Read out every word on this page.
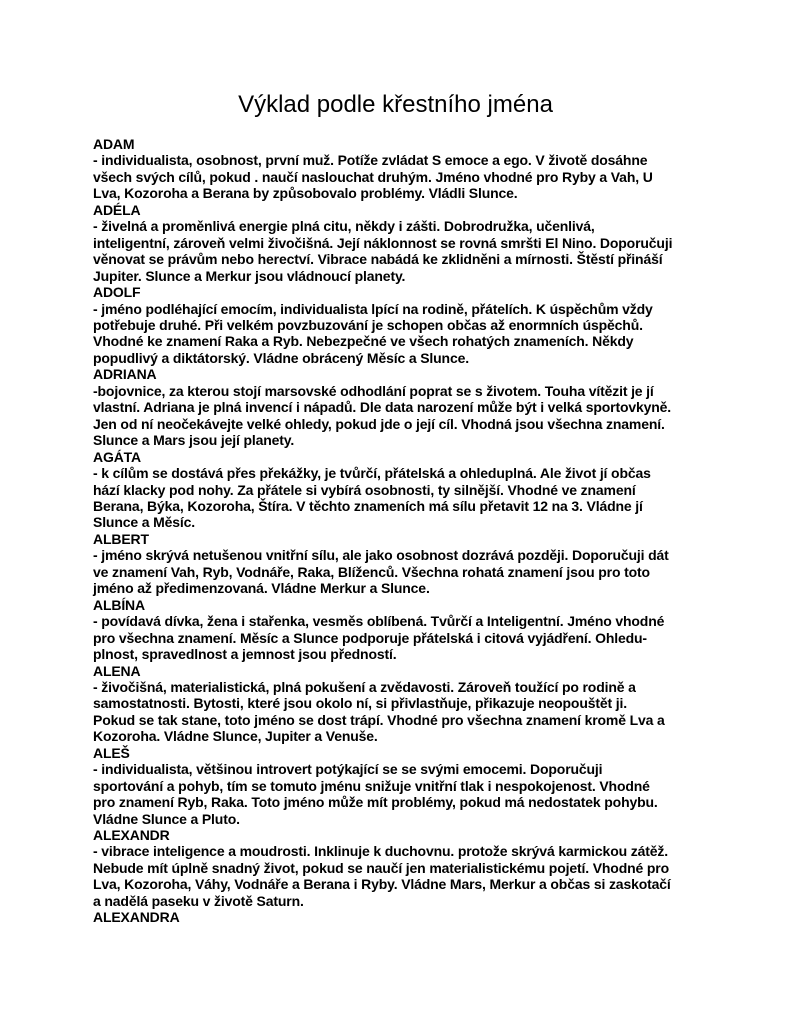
Výklad podle křestního jména
ADAM
- individualista, osobnost, první muž. Potíže zvládat S emoce a ego. V životě dosáhne
všech svých cílů, pokud . naučí naslouchat druhým. Jméno vhodné pro Ryby a Vah, U
Lva, Kozoroha a Berana by způsobovalo problémy. Vládli Slunce.
ADÉLA
- živelná a proměnlivá energie plná citu, někdy i zášti. Dobrodružka, učenlivá,
inteligentní, zároveň velmi živočišná. Její náklonnost se rovná smršti El Nino. Doporučuji
věnovat se právům nebo herectví. Vibrace nabádá ke zklidněni a mírnosti. Štěstí přináší
Jupiter. Slunce a Merkur jsou vládnoucí planety.
ADOLF
- jméno podléhající emocím, individualista lpící na rodině, přátelích. K úspěchům vždy
potřebuje druhé. Při velkém povzbuzování je schopen občas až enormních úspěchů.
Vhodné ke znamení Raka a Ryb. Nebezpečné ve všech rohatých znameních. Někdy
popudlivý a diktátorský. Vládne obrácený Měsíc a Slunce.
ADRIANA
-bojovnice, za kterou stojí marsovské odhodlání poprat se s životem. Touha vítězit je jí
vlastní. Adriana je plná invencí i nápadů. Dle data narození může být i velká sportovkyně.
Jen od ní neočekávejte velké ohledy, pokud jde o její cíl. Vhodná jsou všechna znamení.
Slunce a Mars jsou její planety.
AGÁTA
- k cílům se dostává přes překážky, je tvůrčí, přátelská a ohleduplná. Ale život jí občas
hází klacky pod nohy. Za přátele si vybírá osobnosti, ty silnější. Vhodné ve znamení
Berana, Býka, Kozoroha, Štíra. V těchto znameních má sílu přetavit 12 na 3. Vládne jí
Slunce a Měsíc.
ALBERT
- jméno skrývá netušenou vnitřní sílu, ale jako osobnost dozrává později. Doporučuji dát
ve znamení Vah, Ryb, Vodnáře, Raka, Blíženců. Všechna rohatá znamení jsou pro toto
jméno až předimenzovaná. Vládne Merkur a Slunce.
ALBÍNA
- povídavá dívka, žena i stařenka, vesměs oblíbená. Tvůrčí a Inteligentní. Jméno vhodné
pro všechna znamení. Měsíc a Slunce podporuje přátelská i citová vyjádření. Ohledu-
plnost, spravedlnost a jemnost jsou předností.
ALENA
- živočišná, materialistická, plná pokušení a zvědavosti. Zároveň toužící po rodině a
samostatnosti. Bytosti, které jsou okolo ní, si přivlastňuje, přikazuje neopouštět ji.
Pokud se tak stane, toto jméno se dost trápí. Vhodné pro všechna znamení kromě Lva a
Kozoroha. Vládne Slunce, Jupiter a Venuše.
ALEŠ
- individualista, většinou introvert potýkající se se svými emocemi. Doporučuji
sportování a pohyb, tím se tomuto jménu snižuje vnitřní tlak i nespokojenost. Vhodné
pro znamení Ryb, Raka. Toto jméno může mít problémy, pokud má nedostatek pohybu.
Vládne Slunce a Pluto.
ALEXANDR
- vibrace inteligence a moudrosti. Inklinuje k duchovnu. protože skrývá karmickou zátěž.
Nebude mít úplně snadný život, pokud se naučí jen materialistickému pojetí. Vhodné pro
Lva, Kozoroha, Váhy, Vodnáře a Berana i Ryby. Vládne Mars, Merkur a občas si zaskotačí
a nadělá paseku v životě Saturn.
ALEXANDRA
